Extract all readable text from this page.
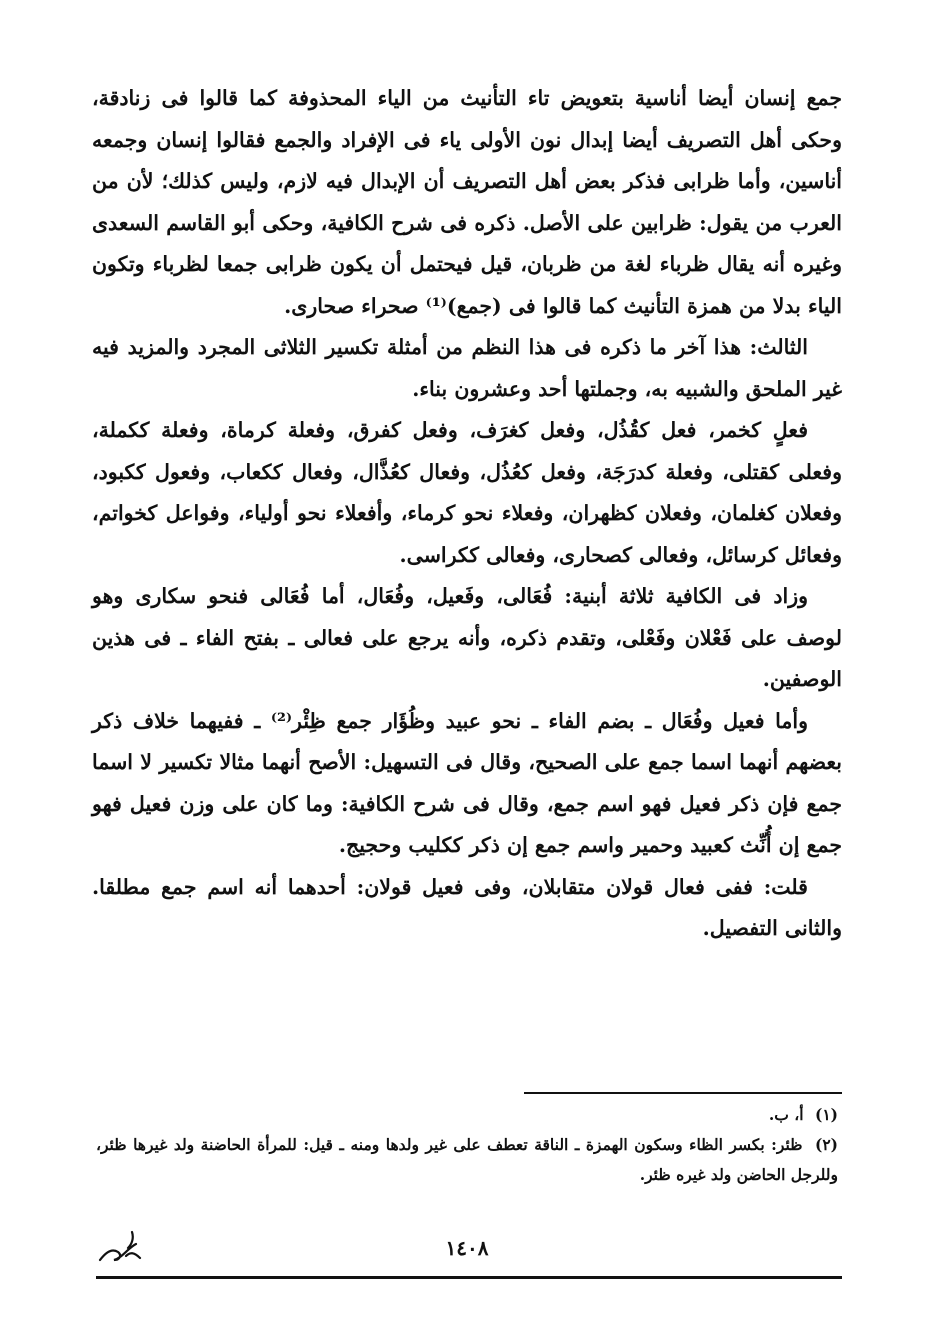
جمع إنسان أيضا أناسية بتعويض تاء التأنيث من الياء المحذوفة كما قالوا فى زنادقة، وحكى أهل التصريف أيضا إبدال نون الأولى ياء فى الإفراد والجمع فقالوا إنسان وجمعه أناسين، وأما ظرابى فذكر بعض أهل التصريف أن الإبدال فيه لازم، وليس كذلك؛ لأن من العرب من يقول: ظرابين على الأصل. ذكره فى شرح الكافية، وحكى أبو القاسم السعدى وغيره أنه يقال ظرباء لغة من ظربان، قيل فيحتمل أن يكون ظرابى جمعا لظرباء وتكون الياء بدلا من همزة التأنيث كما قالوا فى (جمع)⁽¹⁾ صحراء صحارى.

الثالث: هذا آخر ما ذكره فى هذا النظم من أمثلة تكسير الثلاثى المجرد والمزيد فيه غير الملحق والشبيه به، وجملتها أحد وعشرون بناء.

فعلٍ كخمر، فعل كقُذُل، وفعل كغرَف، وفعل كفرق، وفعلة كرماة، وفعلة ككملة، وفعلى كقتلى، وفعلة كدرَجَة، وفعل كعُذُل، وفعال كعُذَّال، وفعال ككعاب، وفعول ككبود، وفعلان كغلمان، وفعلان كظهران، وفعلاء نحو كرماء، وأفعلاء نحو أولياء، وفواعل كخواتم، وفعائل كرسائل، وفعالى كصحارى، وفعالى ككراسى.

وزاد فى الكافية ثلاثة أبنية: فُعَالى، وفَعيل، وفُعَال، أما فُعَالى فنحو سكارى وهو لوصف على فَعْلان وفَعْلى، وتقدم ذكره، وأنه يرجع على فعالى ـ بفتح الفاء ـ فى هذين الوصفين.

وأما فعيل وفُعَال ـ بضم الفاء ـ نحو عبيد وظُؤَار جمع ظِئْر⁽²⁾ ـ ففيهما خلاف ذكر بعضهم أنهما اسما جمع على الصحيح، وقال فى التسهيل: الأصح أنهما مثالا تكسير لا اسما جمع فإن ذكر فعيل فهو اسم جمع، وقال فى شرح الكافية: وما كان على وزن فعيل فهو جمع إن أُنِّث كعبيد وحمير واسم جمع إن ذكر ككليب وحجيج.

قلت: ففى فعال قولان متقابلان، وفى فعيل قولان: أحدهما أنه اسم جمع مطلقا. والثانى التفصيل.

(١) أ، ب.

(٢) ظئر: بكسر الظاء وسكون الهمزة ـ الناقة تعطف على غير ولدها ومنه ـ قيل: للمرأة الحاضنة ولد غيرها ظئر، وللرجل الحاضن ولد غيره ظئر.

١٤٠٨
